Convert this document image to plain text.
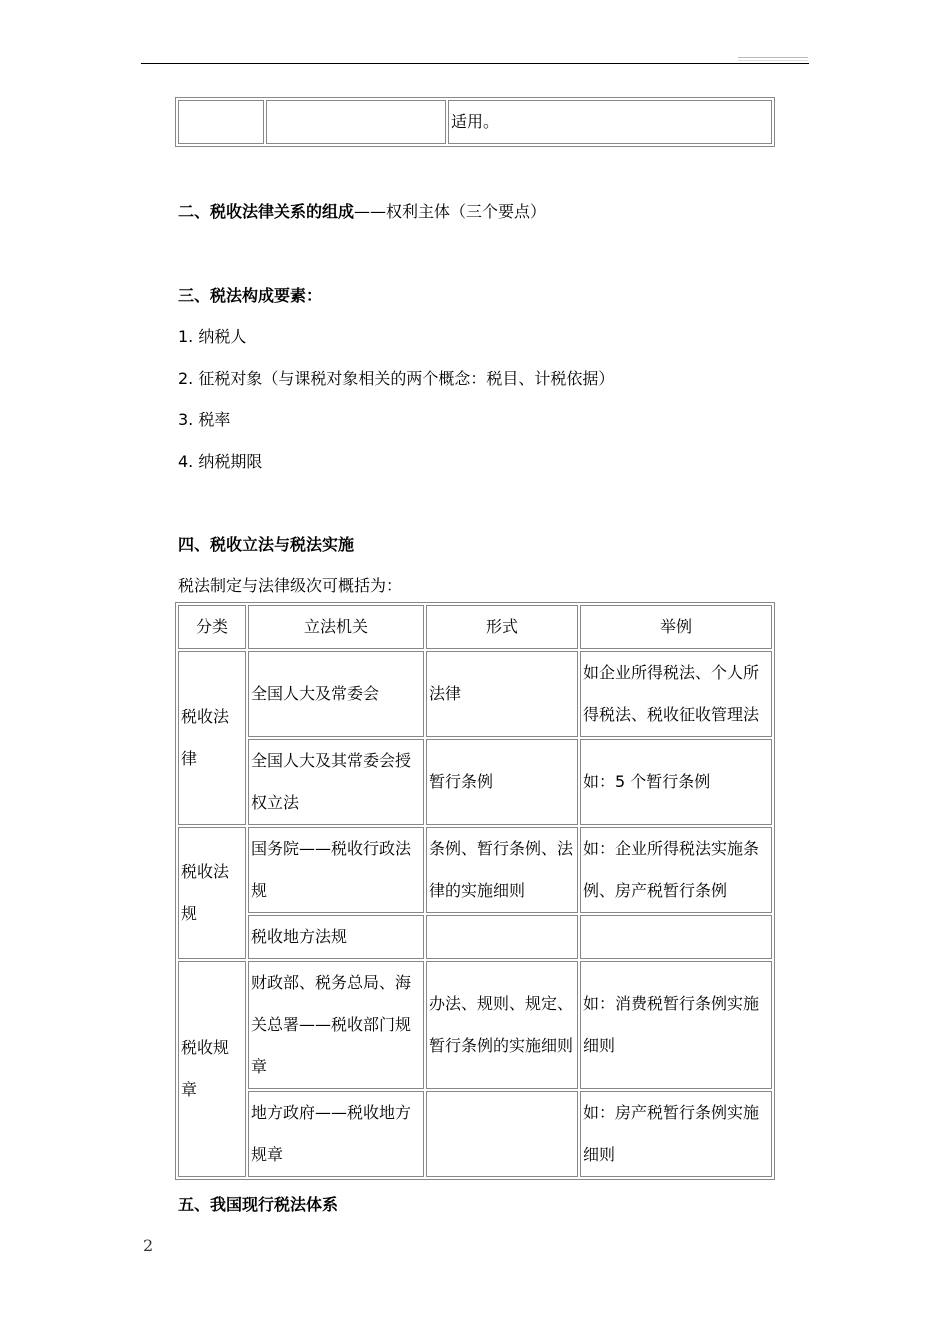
		适用。
二、税收法律关系的组成——权利主体（三个要点）
三、税法构成要素：
1. 纳税人
2. 征税对象（与课税对象相关的两个概念：税目、计税依据）
3. 税率
4. 纳税期限
四、税收立法与税法实施
税法制定与法律级次可概括为：
分类	立法机关	形式	举例
税收法律	全国人大及常委会	法律	如企业所得税法、个人所得税法、税收征收管理法
	全国人大及其常委会授权立法	暂行条例	如：5 个暂行条例
税收法规	国务院——税收行政法规	条例、暂行条例、法律的实施细则	如：企业所得税法实施条例、房产税暂行条例
	税收地方法规		
税收规章	财政部、税务总局、海关总署——税收部门规章	办法、规则、规定、暂行条例的实施细则	如：消费税暂行条例实施细则
	地方政府——税收地方规章		如：房产税暂行条例实施细则
五、我国现行税法体系
2
